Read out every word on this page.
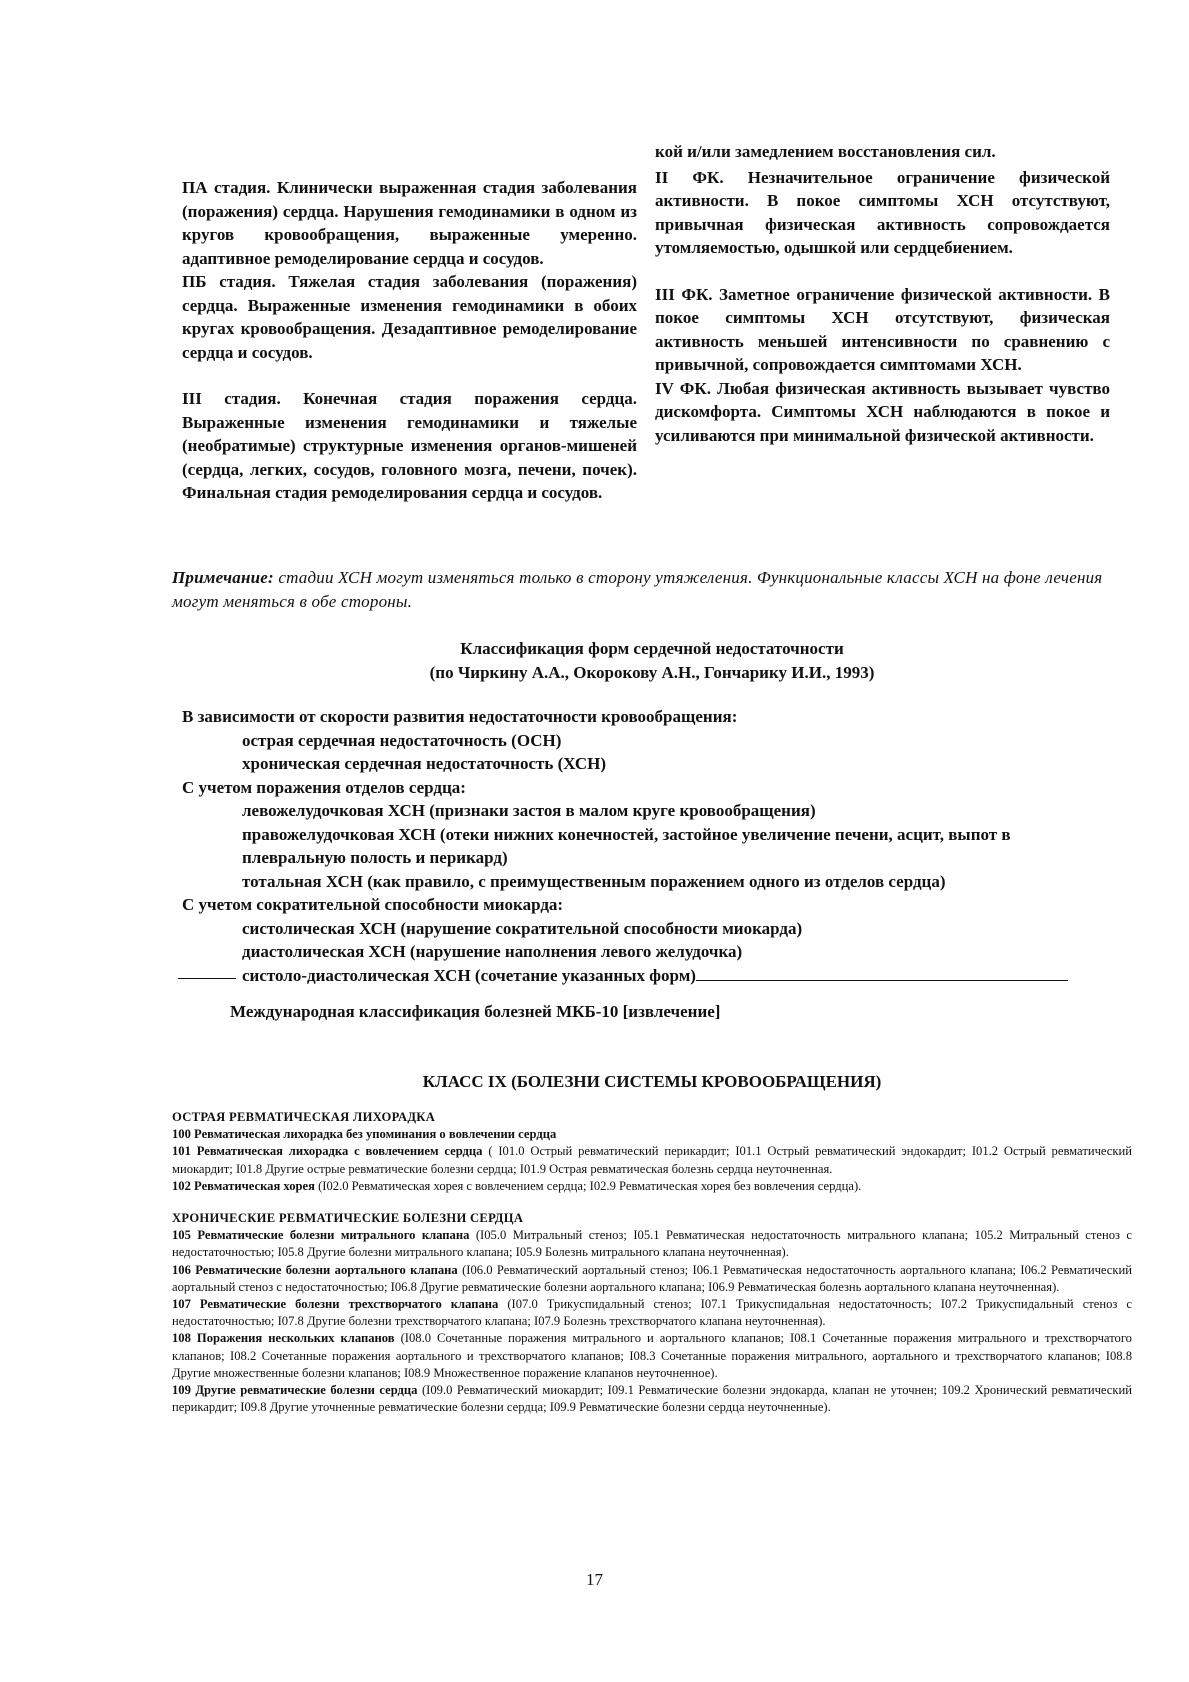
ПА стадия. Клинически выраженная стадия заболевания (поражения) сердца. Нарушения гемодинамики в одном из кругов кровообращения, выраженные умеренно. адаптивное ремоделирование сердца и сосудов.

ПБ стадия. Тяжелая стадия заболевания (поражения) сердца. Выраженные изменения гемодинамики в обоих кругах кровообращения. Дезадаптивное ремоделирование сердца и сосудов.

III стадия. Конечная стадия поражения сердца. Выраженные изменения гемодинамики и тяжелые (необратимые) структурные изменения органов-мишеней (сердца, легких, сосудов, головного мозга, печени, почек). Финальная стадия ремоделирования сердца и сосудов.

кой и/или замедлением восстановления сил.

II ФК. Незначительное ограничение физической активности. В покое симптомы ХСН отсутствуют, привычная физическая активность сопровождается утомляемостью, одышкой или сердцебиением.

III ФК. Заметное ограничение физической активности. В покое симптомы ХСН отсутствуют, физическая активность меньшей интенсивности по сравнению с привычной, сопровождается симптомами ХСН.

IV ФК. Любая физическая активность вызывает чувство дискомфорта. Симптомы ХСН наблюдаются в покое и усиливаются при минимальной физической активности.

Примечание: стадии ХСН могут изменяться только в сторону утяжеления. Функциональные классы ХСН на фоне лечения могут меняться в обе стороны.
Классификация форм сердечной недостаточности
(по Чиркину А.А., Окорокову А.Н., Гончарику И.И., 1993)

В зависимости от скорости развития недостаточности кровообращения:

острая сердечная недостаточность (ОСН)

хроническая сердечная недостаточность (ХСН)

С учетом поражения отделов сердца:

левожелудочковая ХСН (признаки застоя в малом круге кровообращения)

правожелудочковая ХСН (отеки нижних конечностей, застойное увеличение печени, асцит, выпот в плевральную полость и перикард)

тотальная ХСН (как правило, с преимущественным поражением одного из отделов сердца)

С учетом сократительной способности миокарда:

систолическая ХСН (нарушение сократительной способности миокарда)

диастолическая ХСН (нарушение наполнения левого желудочка)

систоло-диастолическая ХСН (сочетание указанных форм)

Международная классификация болезней МКБ-10 [извлечение]
КЛАСС IX (БОЛЕЗНИ СИСТЕМЫ КРОВООБРАЩЕНИЯ)

ОСТРАЯ РЕВМАТИЧЕСКАЯ ЛИХОРАДКА

100 Ревматическая лихорадка без упоминания о вовлечении сердца

101 Ревматическая лихорадка с вовлечением сердца ( I01.0 Острый ревматический перикардит; I01.1 Острый ревматический эндокардит; I01.2 Острый ревматический миокардит; I01.8 Другие острые ревматические болезни сердца; I01.9 Острая ревматическая болезнь сердца неуточненная.

102 Ревматическая хорея (I02.0 Ревматическая хорея с вовлечением сердца; I02.9 Ревматическая хорея без вовлечения сердца).

ХРОНИЧЕСКИЕ РЕВМАТИЧЕСКИЕ БОЛЕЗНИ СЕРДЦА

105 Ревматические болезни митрального клапана (I05.0 Митральный стеноз; I05.1 Ревматическая недостаточность митрального клапана; 105.2 Митральный стеноз с недостаточностью; I05.8 Другие болезни митрального клапана; I05.9 Болезнь митрального клапана неуточненная).

106 Ревматические болезни аортального клапана (I06.0 Ревматический аортальный стеноз; I06.1 Ревматическая недостаточность аортального клапана; I06.2 Ревматический аортальный стеноз с недостаточностью; I06.8 Другие ревматические болезни аортального клапана; I06.9 Ревматическая болезнь аортального клапана неуточненная).

107 Ревматические болезни трехстворчатого клапана (I07.0 Трикуспидальный стеноз; I07.1 Трикуспидальная недостаточность; I07.2 Трикуспидальный стеноз с недостаточностью; I07.8 Другие болезни трехстворчатого клапана; I07.9 Болезнь трехстворчатого клапана неуточненная).

108 Поражения нескольких клапанов (I08.0 Сочетанные поражения митрального и аортального клапанов; I08.1 Сочетанные поражения митрального и трехстворчатого клапанов; I08.2 Сочетанные поражения аортального и трехстворчатого клапанов; I08.3 Сочетанные поражения митрального, аортального и трехстворчатого клапанов; I08.8 Другие множественные болезни клапанов; I08.9 Множественное поражение клапанов неуточненное).

109 Другие ревматические болезни сердца (I09.0 Ревматический миокардит; I09.1 Ревматические болезни эндокарда, клапан не уточнен; 109.2 Хронический ревматический перикардит; I09.8 Другие уточненные ревматические болезни сердца; I09.9 Ревматические болезни сердца неуточненные).

17
